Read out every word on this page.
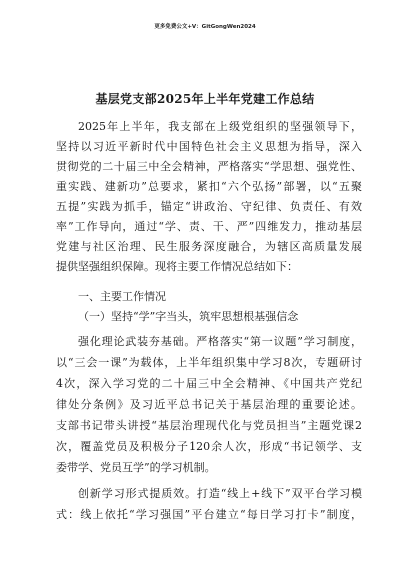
更多免费公文+V：GitGongWen2024
基层党支部2025年上半年党建工作总结
2025年上半年，我支部在上级党组织的坚强领导下，
坚持以习近平新时代中国特色社会主义思想为指导，深入
贯彻党的二十届三中全会精神，严格落实“学思想、强党性、
重实践、建新功”总要求，紧扣“六个弘扬”部署，以“五聚
五提”实践为抓手，锚定“讲政治、守纪律、负责任、有效
率”工作导向，通过“学、责、干、严”四维发力，推动基层
党建与社区治理、民生服务深度融合，为辖区高质量发展
提供坚强组织保障。现将主要工作情况总结如下：
一、主要工作情况
（一）坚持“学”字当头，筑牢思想根基强信念
强化理论武装夯基础。严格落实“第一议题”学习制度，
以“三会一课”为载体，上半年组织集中学习8次，专题研讨
4次，深入学习党的二十届三中全会精神、《中国共产党纪
律处分条例》及习近平总书记关于基层治理的重要论述。
支部书记带头讲授“基层治理现代化与党员担当”主题党课2
次，覆盖党员及积极分子120余人次，形成“书记领学、支
委带学、党员互学”的学习机制。
创新学习形式提质效。打造“线上+线下”双平台学习模
式：线上依托“学习强国”平台建立“每日学习打卡”制度，
